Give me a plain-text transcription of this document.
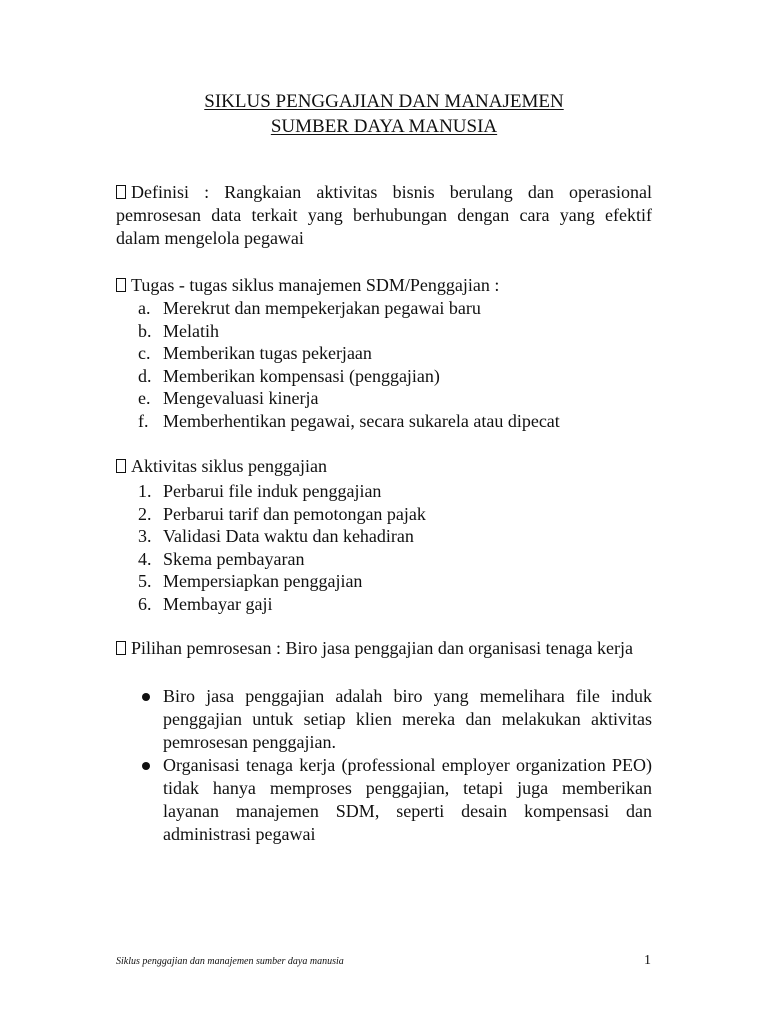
SIKLUS PENGGAJIAN DAN MANAJEMEN
SUMBER DAYA MANUSIA
Definisi : Rangkaian aktivitas bisnis berulang dan operasional pemrosesan data terkait yang berhubungan dengan cara yang efektif dalam mengelola pegawai
Tugas - tugas siklus manajemen SDM/Penggajian :
a. Merekrut dan mempekerjakan pegawai baru
b. Melatih
c. Memberikan tugas pekerjaan
d. Memberikan kompensasi (penggajian)
e. Mengevaluasi kinerja
f. Memberhentikan pegawai, secara sukarela atau dipecat
Aktivitas siklus penggajian
1. Perbarui file induk penggajian
2. Perbarui tarif dan pemotongan pajak
3. Validasi Data waktu dan kehadiran
4. Skema pembayaran
5. Mempersiapkan penggajian
6. Membayar gaji
Pilihan pemrosesan : Biro jasa penggajian dan organisasi tenaga kerja
Biro jasa penggajian adalah biro yang memelihara file induk penggajian untuk setiap klien mereka dan melakukan aktivitas pemrosesan penggajian.
Organisasi tenaga kerja (professional employer organization PEO) tidak hanya memproses penggajian, tetapi juga memberikan layanan manajemen SDM, seperti desain kompensasi dan administrasi pegawai
Siklus penggajian dan manajemen sumber daya manusia	1
